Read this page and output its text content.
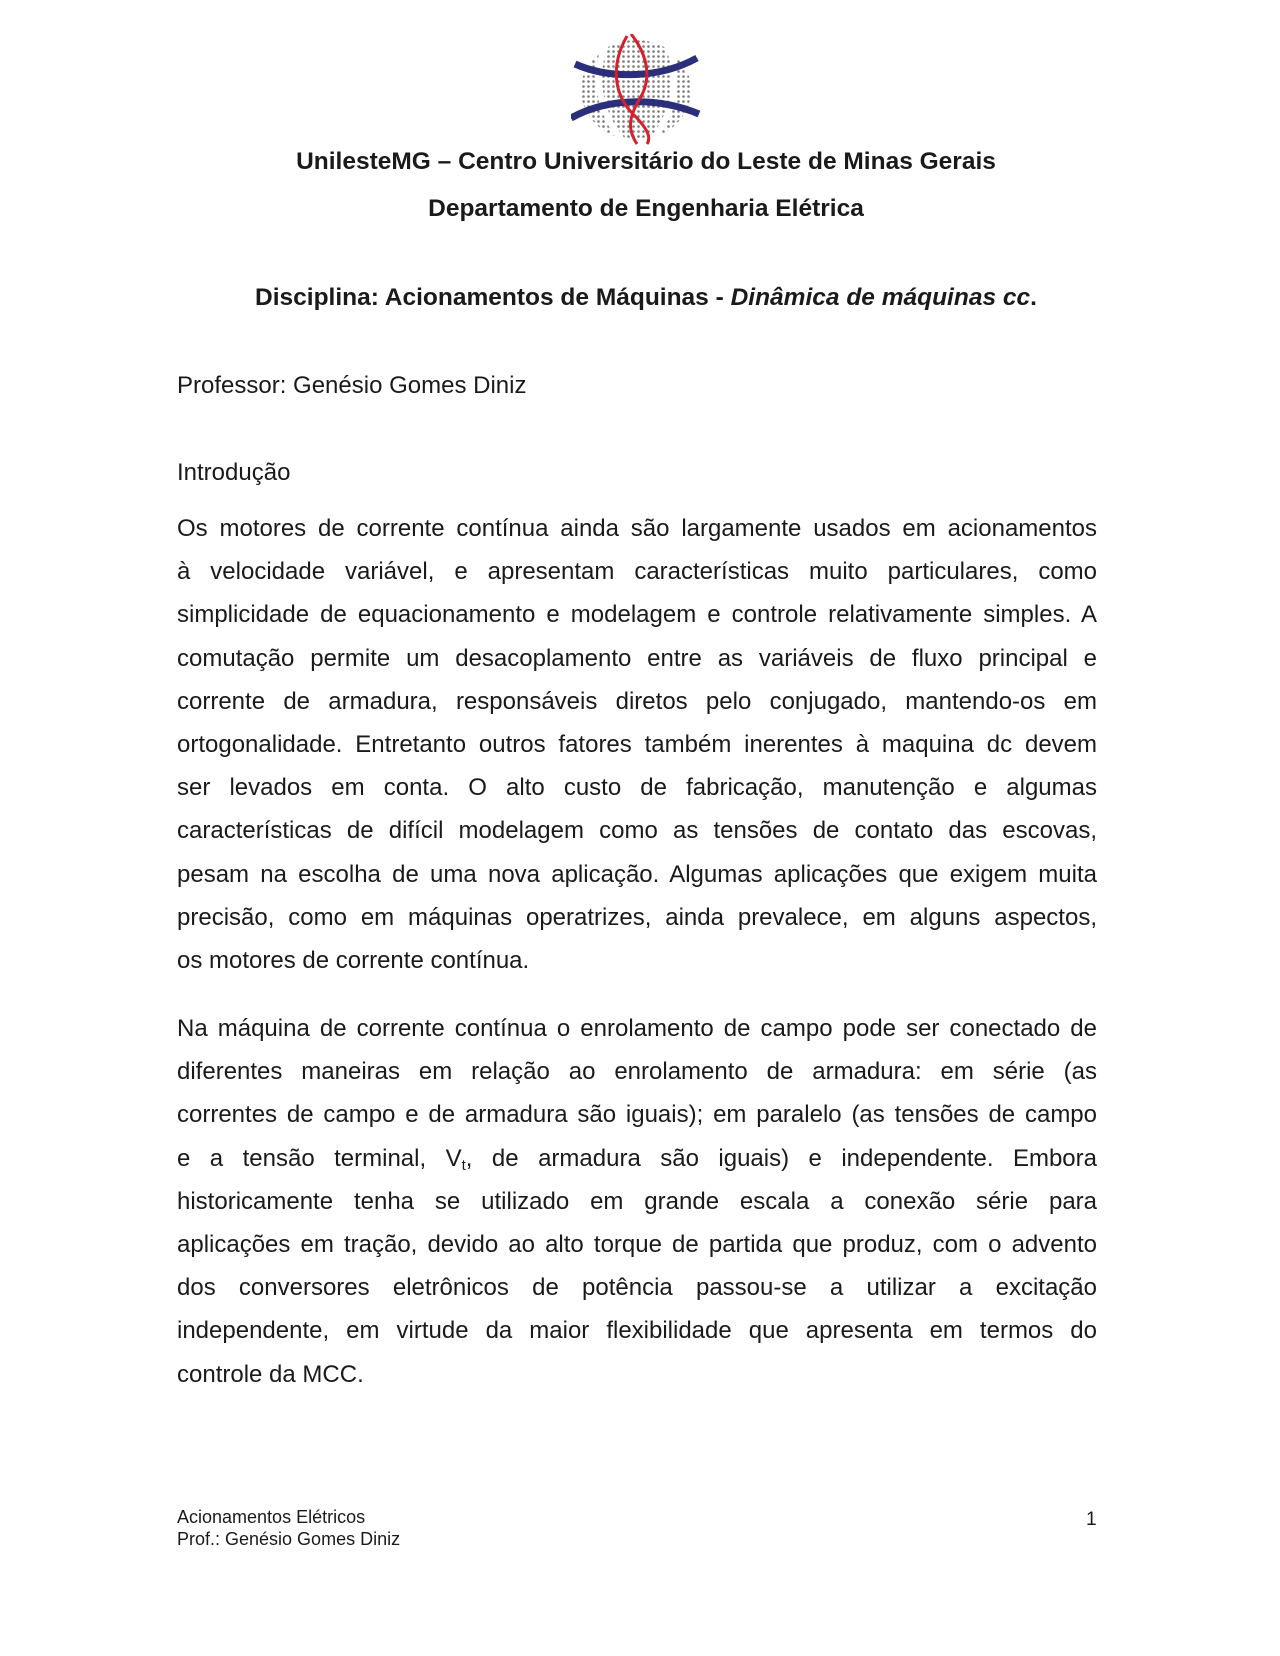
UnilesteMG – Centro Universitário do Leste de Minas Gerais
Departamento de Engenharia Elétrica
Disciplina: Acionamentos de Máquinas - Dinâmica de máquinas cc.
Professor: Genésio Gomes Diniz
Introdução
Os motores de corrente contínua ainda são largamente usados em acionamentos
à velocidade variável, e apresentam características muito particulares, como
simplicidade de equacionamento e modelagem e controle relativamente simples. A
comutação permite um desacoplamento entre as variáveis de fluxo principal e
corrente de armadura, responsáveis diretos pelo conjugado, mantendo-os em
ortogonalidade. Entretanto outros fatores também inerentes à maquina dc devem
ser levados em conta. O alto custo de fabricação, manutenção e algumas
características de difícil modelagem como as tensões de contato das escovas,
pesam na escolha de uma nova aplicação. Algumas aplicações que exigem muita
precisão, como em máquinas operatrizes, ainda prevalece, em alguns aspectos,
os motores de corrente contínua.
Na máquina de corrente contínua o enrolamento de campo pode ser conectado de
diferentes maneiras em relação ao enrolamento de armadura: em série (as
correntes de campo e de armadura são iguais); em paralelo (as tensões de campo
e a tensão terminal, $V_t$, de armadura são iguais) e independente. Embora
historicamente tenha se utilizado em grande escala a conexão série para
aplicações em tração, devido ao alto torque de partida que produz, com o advento
dos conversores eletrônicos de potência passou-se a utilizar a excitação
independente, em virtude da maior flexibilidade que apresenta em termos do
controle da MCC.
Acionamentos Elétricos
Prof.: Genésio Gomes Diniz
1
